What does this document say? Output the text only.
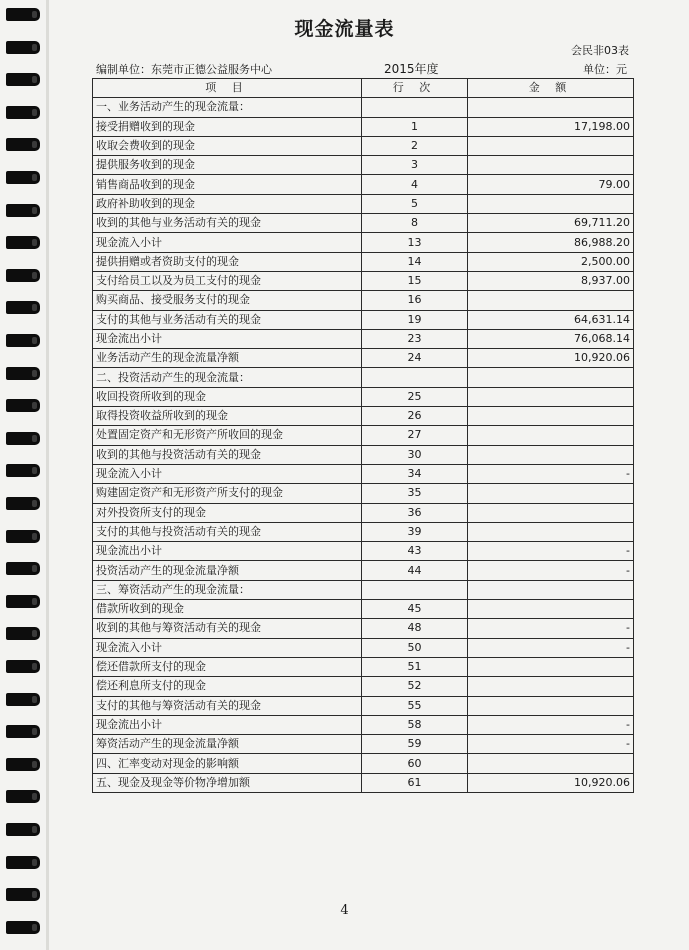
现金流量表
会民非03表
编制单位：东莞市正德公益服务中心	2015年度	单位：元
项 目	行 次	金 额
一、业务活动产生的现金流量：		
接受捐赠收到的现金	1	17,198.00
收取会费收到的现金	2	
提供服务收到的现金	3	
销售商品收到的现金	4	79.00
政府补助收到的现金	5	
收到的其他与业务活动有关的现金	8	69,711.20
现金流入小计	13	86,988.20
提供捐赠或者资助支付的现金	14	2,500.00
支付给员工以及为员工支付的现金	15	8,937.00
购买商品、接受服务支付的现金	16	
支付的其他与业务活动有关的现金	19	64,631.14
现金流出小计	23	76,068.14
业务活动产生的现金流量净额	24	10,920.06
二、投资活动产生的现金流量：		
收回投资所收到的现金	25	
取得投资收益所收到的现金	26	
处置固定资产和无形资产所收回的现金	27	
收到的其他与投资活动有关的现金	30	
现金流入小计	34	-
购建固定资产和无形资产所支付的现金	35	
对外投资所支付的现金	36	
支付的其他与投资活动有关的现金	39	
现金流出小计	43	-
投资活动产生的现金流量净额	44	-
三、筹资活动产生的现金流量：		
借款所收到的现金	45	
收到的其他与筹资活动有关的现金	48	-
现金流入小计	50	-
偿还借款所支付的现金	51	
偿还利息所支付的现金	52	
支付的其他与筹资活动有关的现金	55	
现金流出小计	58	-
筹资活动产生的现金流量净额	59	-
四、汇率变动对现金的影响额	60	
五、现金及现金等价物净增加额	61	10,920.06
4
